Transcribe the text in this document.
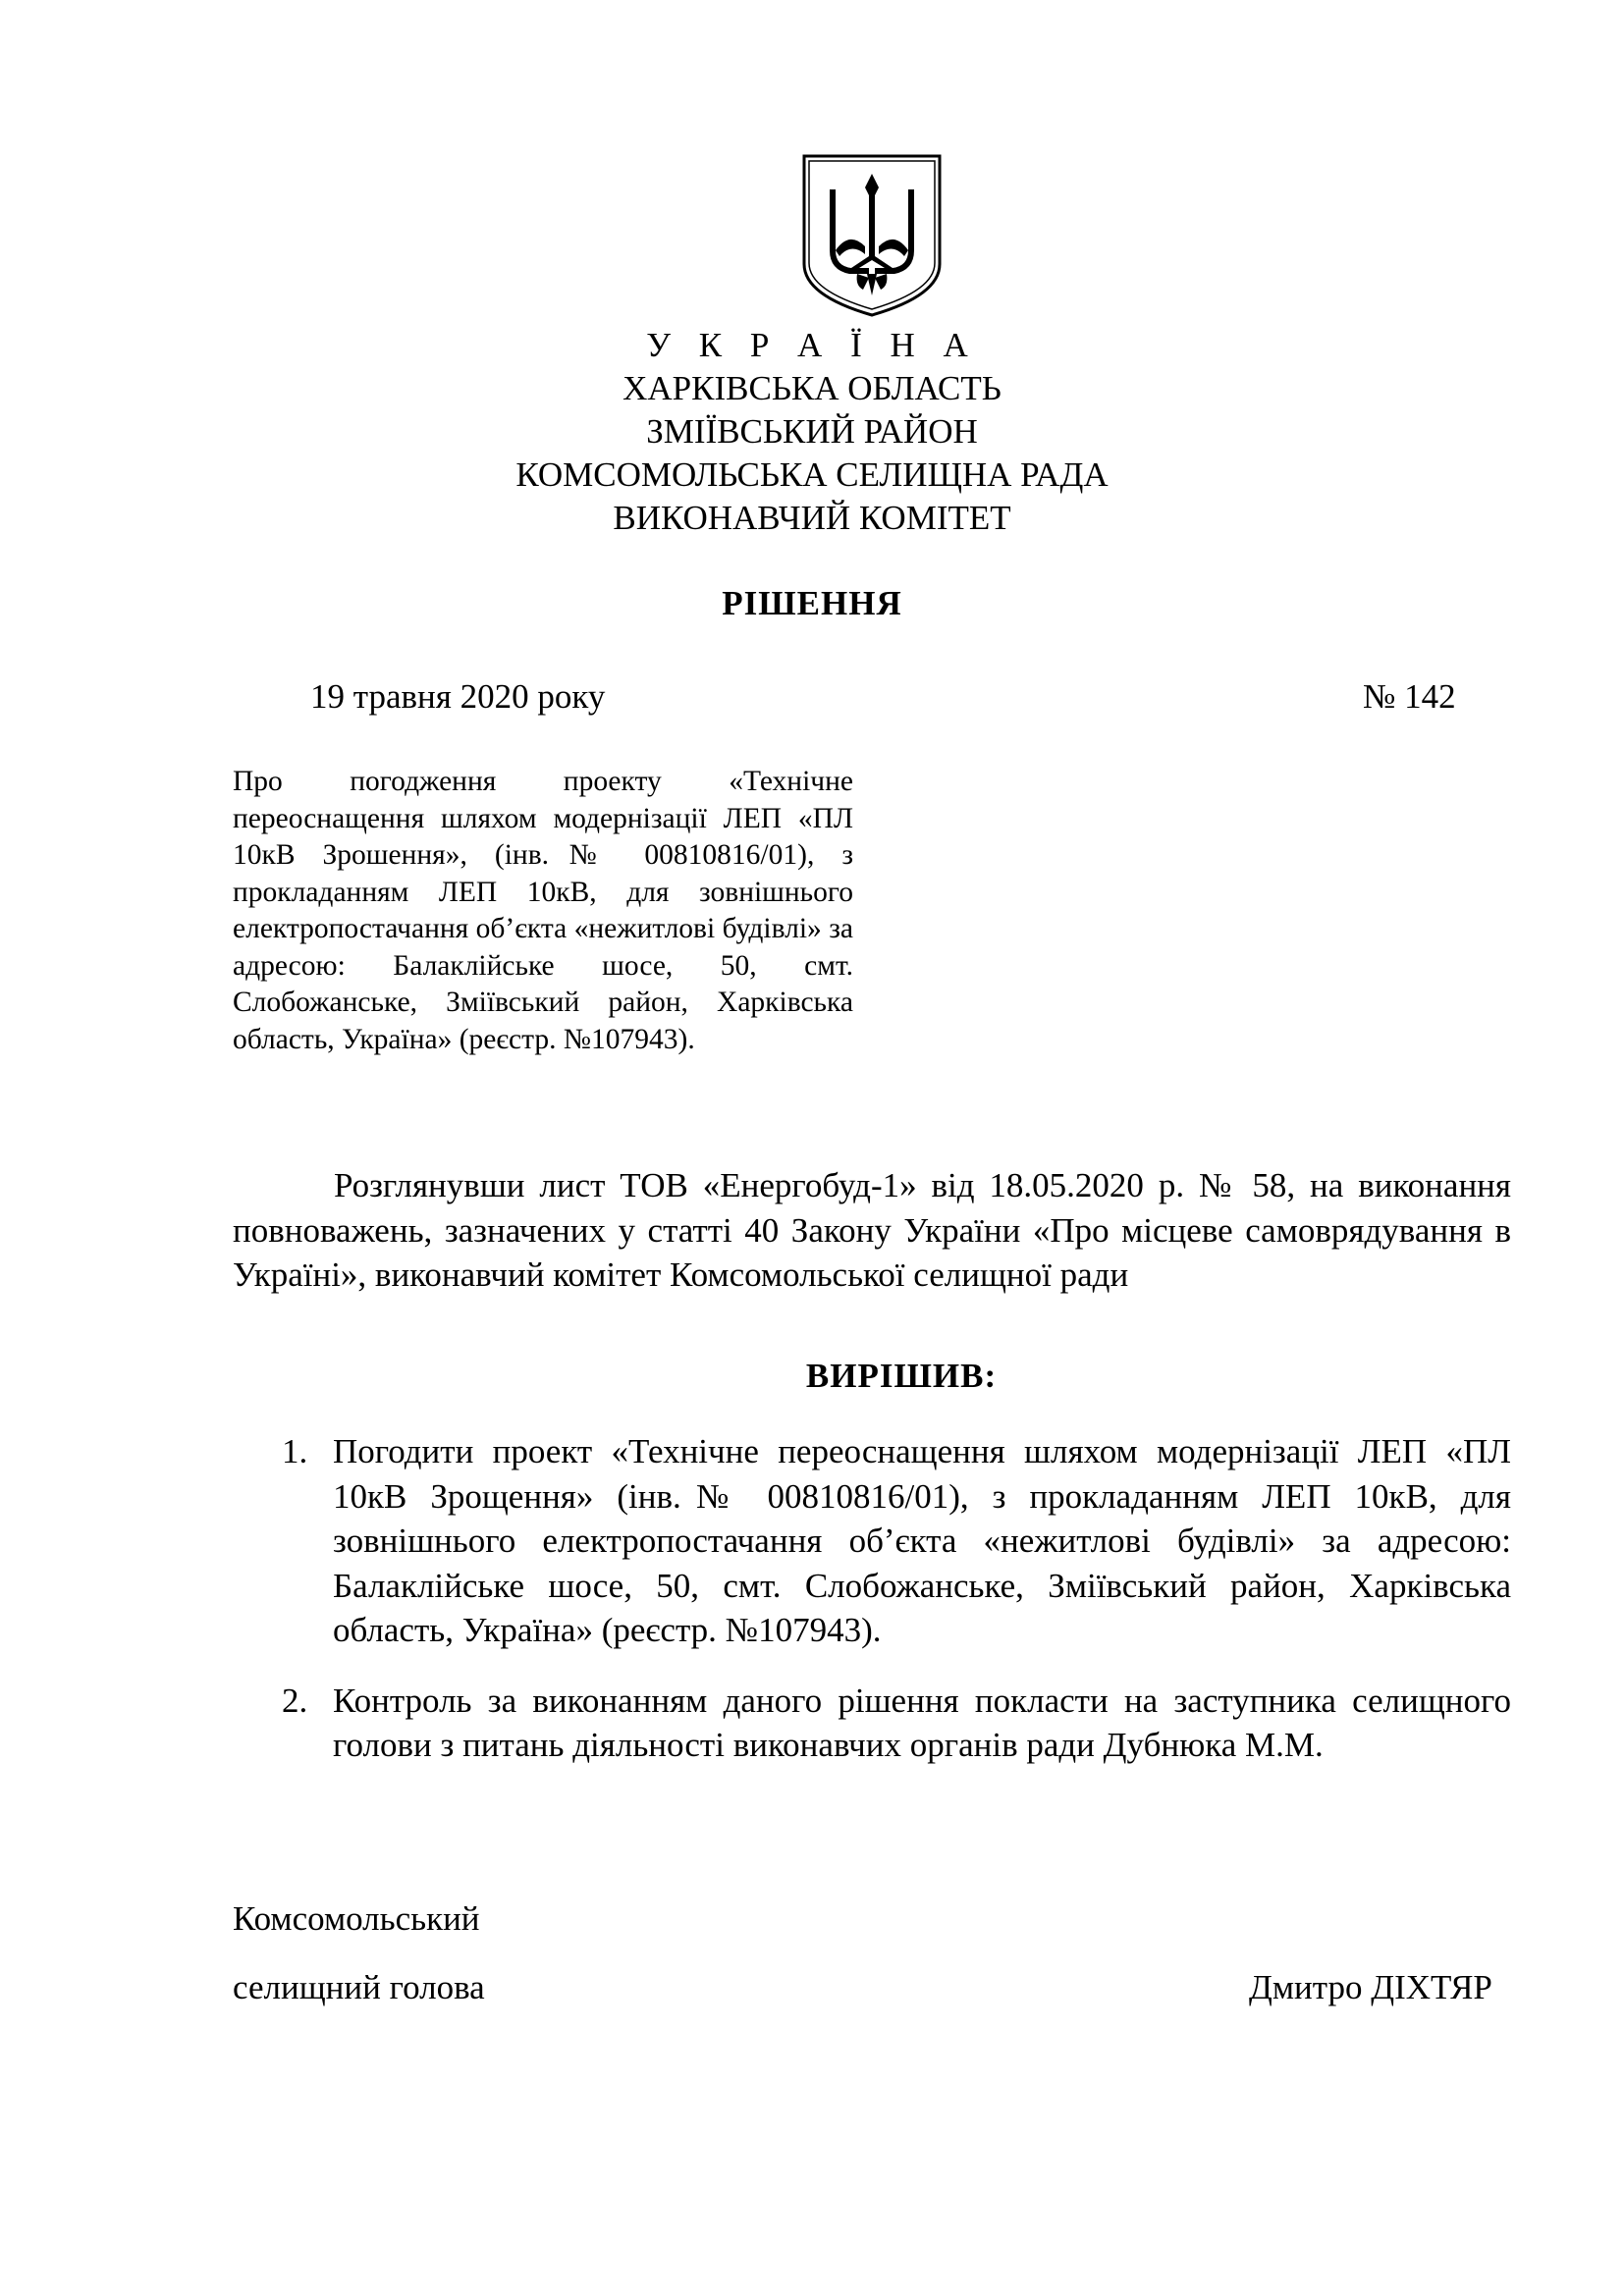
У К Р А Ї Н А
ХАРКІВСЬКА ОБЛАСТЬ
ЗМІЇВСЬКИЙ РАЙОН
КОМСОМОЛЬСЬКА СЕЛИЩНА РАДА
ВИКОНАВЧИЙ КОМІТЕТ
РІШЕННЯ
19 травня 2020 року	№ 142
Про погодження проекту «Технічне переоснащення шляхом модернізації ЛЕП «ПЛ 10кВ Зрошення», (інв.№ 00810816/01), з прокладанням ЛЕП 10кВ, для зовнішнього електропостачання об’єкта «нежитлові будівлі» за адресою: Балаклійське шосе, 50, смт. Слобожанське, Зміївський район, Харківська область, Україна» (реєстр. №107943).
Розглянувши лист ТОВ «Енергобуд-1» від 18.05.2020 р. № 58, на виконання повноважень, зазначених у статті 40 Закону України «Про місцеве самоврядування в Україні», виконавчий комітет Комсомольської селищної ради
ВИРІШИВ:
1. Погодити проект «Технічне переоснащення шляхом модернізації ЛЕП «ПЛ 10кВ Зрощення» (інв.№ 00810816/01), з прокладанням ЛЕП 10кВ, для зовнішнього електропостачання об’єкта «нежитлові будівлі» за адресою: Балаклійське шосе, 50, смт. Слобожанське, Зміївський район, Харківська область, Україна» (реєстр. №107943).
2. Контроль за виконанням даного рішення покласти на заступника селищного голови з питань діяльності виконавчих органів ради Дубнюка М.М.
Комсомольський
селищний голова	Дмитро ДІХТЯР
